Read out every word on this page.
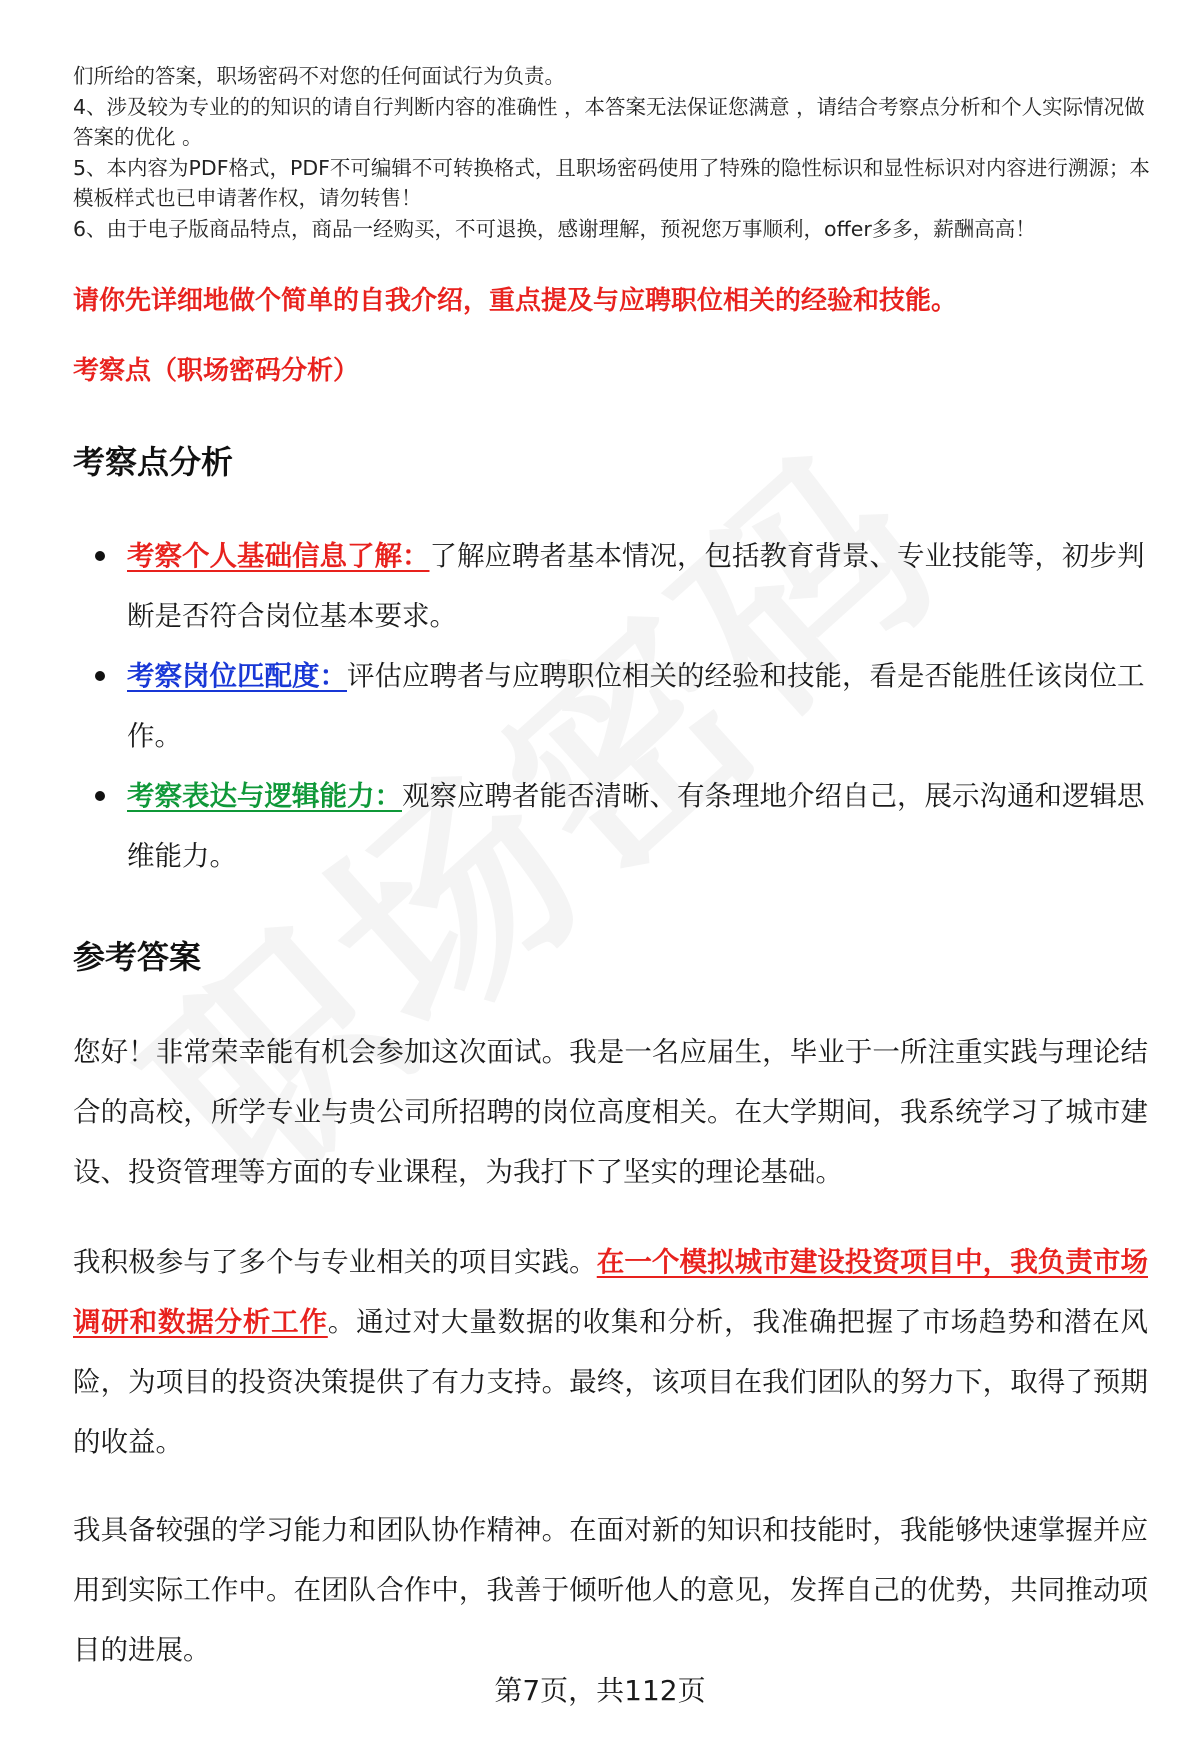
们所给的答案，职场密码不对您的任何面试行为负责。
4、涉及较为专业的的知识的请自行判断内容的准确性 ，本答案无法保证您满意 ，请结合考察点分析和个人实际情况做答案的优化 。
5、本内容为PDF格式，PDF不可编辑不可转换格式，且职场密码使用了特殊的隐性标识和显性标识对内容进行溯源；本模板样式也已申请著作权，请勿转售！
6、由于电子版商品特点，商品一经购买，不可退换，感谢理解，预祝您万事顺利，offer多多，薪酬高高！
请你先详细地做个简单的自我介绍，重点提及与应聘职位相关的经验和技能。
考察点（职场密码分析）
考察点分析
考察个人基础信息了解：了解应聘者基本情况，包括教育背景、专业技能等，初步判断是否符合岗位基本要求。
考察岗位匹配度：评估应聘者与应聘职位相关的经验和技能，看是否能胜任该岗位工作。
考察表达与逻辑能力：观察应聘者能否清晰、有条理地介绍自己，展示沟通和逻辑思维能力。
参考答案
您好！非常荣幸能有机会参加这次面试。我是一名应届生，毕业于一所注重实践与理论结合的高校，所学专业与贵公司所招聘的岗位高度相关。在大学期间，我系统学习了城市建设、投资管理等方面的专业课程，为我打下了坚实的理论基础。
我积极参与了多个与专业相关的项目实践。在一个模拟城市建设投资项目中，我负责市场调研和数据分析工作。通过对大量数据的收集和分析，我准确把握了市场趋势和潜在风险，为项目的投资决策提供了有力支持。最终，该项目在我们团队的努力下，取得了预期的收益。
我具备较强的学习能力和团队协作精神。在面对新的知识和技能时，我能够快速掌握并应用到实际工作中。在团队合作中，我善于倾听他人的意见，发挥自己的优势，共同推动项目的进展。
第7页，共112页
